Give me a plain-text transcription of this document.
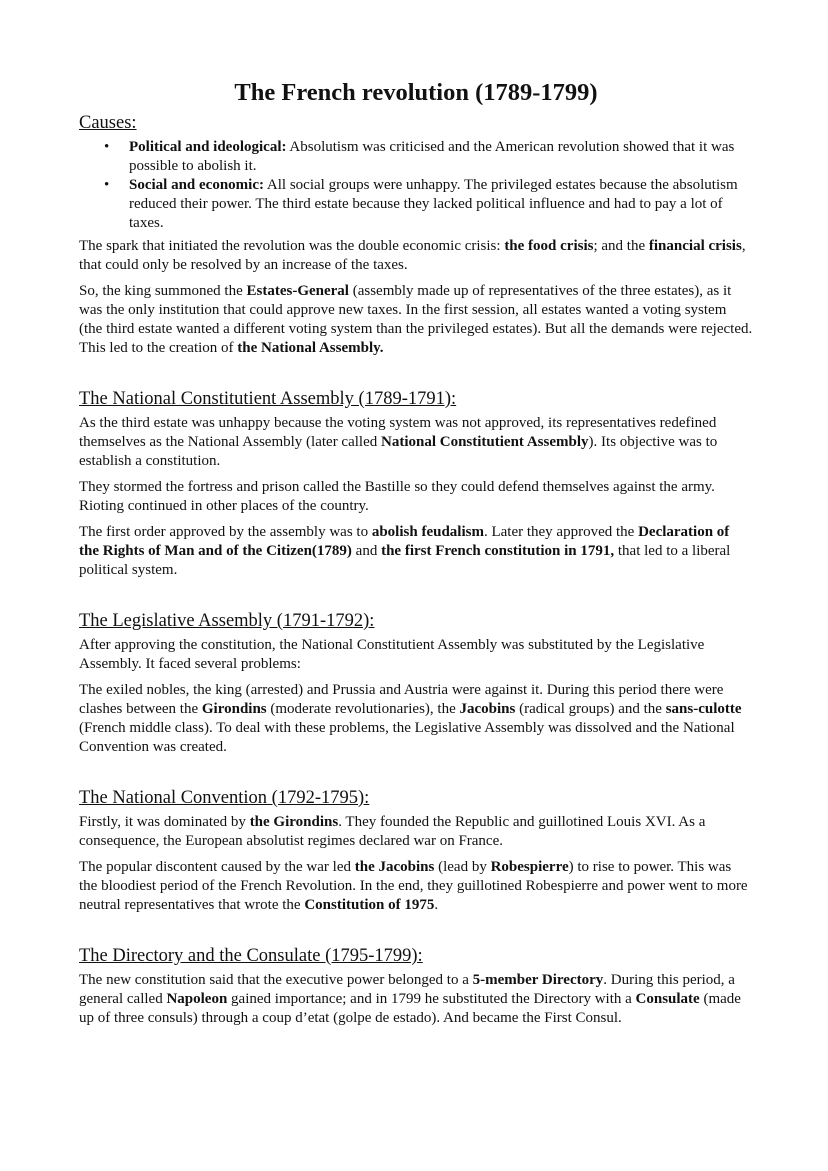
The French revolution (1789-1799)
Causes:
• Political and ideological: Absolutism was criticised and the American revolution showed that it was possible to abolish it.
• Social and economic: All social groups were unhappy. The privileged estates because the absolutism reduced their power. The third estate because they lacked political influence and had to pay a lot of taxes.

The spark that initiated the revolution was the double economic crisis: the food crisis; and the financial crisis, that could only be resolved by an increase of the taxes.

So, the king summoned the Estates-General (assembly made up of representatives of the three estates), as it was the only institution that could approve new taxes. In the first session, all estates wanted a voting system (the third estate wanted a different voting system than the privileged estates). But all the demands were rejected. This led to the creation of the National Assembly.

The National Constitutient Assembly (1789-1791):

As the third estate was unhappy because the voting system was not approved, its representatives redefined themselves as the National Assembly (later called National Constitutient Assembly). Its objective was to establish a constitution.

They stormed the fortress and prison called the Bastille so they could defend themselves against the army. Rioting continued in other places of the country.

The first order approved by the assembly was to abolish feudalism. Later they approved the Declaration of the Rights of Man and of the Citizen(1789) and the first French constitution in 1791, that led to a liberal political system.

The Legislative Assembly (1791-1792):

After approving the constitution, the National Constitutient Assembly was substituted by the Legislative Assembly. It faced several problems:

The exiled nobles, the king (arrested) and Prussia and Austria were against it. During this period there were clashes between the Girondins (moderate revolutionaries), the Jacobins (radical groups) and the sans-culotte (French middle class). To deal with these problems, the Legislative Assembly was dissolved and the National Convention was created.

The National Convention (1792-1795):

Firstly, it was dominated by the Girondins. They founded the Republic and guillotined Louis XVI. As a consequence, the European absolutist regimes declared war on France.

The popular discontent caused by the war led the Jacobins (lead by Robespierre) to rise to power. This was the bloodiest period of the French Revolution. In the end, they guillotined Robespierre and power went to more neutral representatives that wrote the Constitution of 1975.

The Directory and the Consulate (1795-1799):

The new constitution said that the executive power belonged to a 5-member Directory. During this period, a general called Napoleon gained importance; and in 1799 he substituted the Directory with a Consulate (made up of three consuls) through a coup d’etat (golpe de estado). And became the First Consul.
